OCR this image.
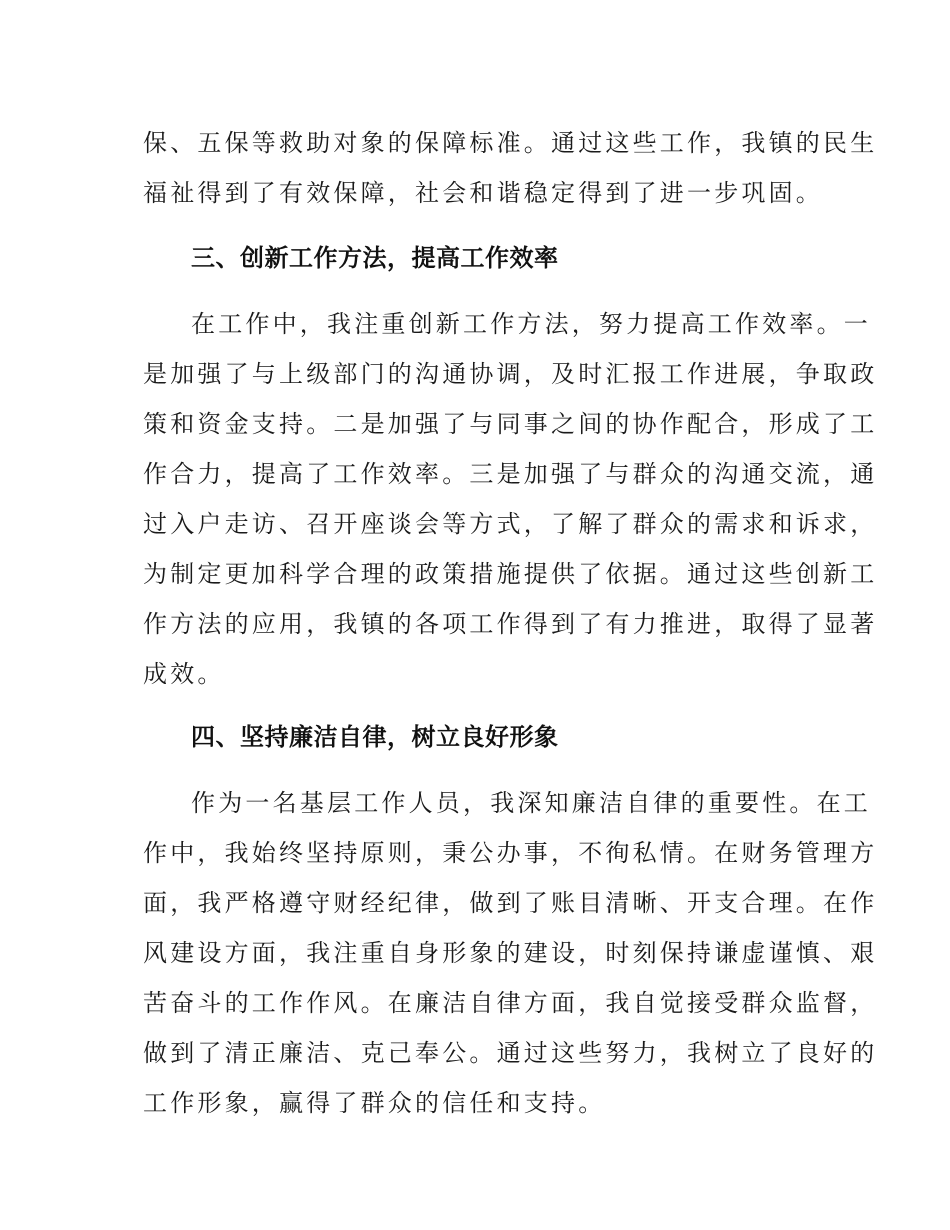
保、五保等救助对象的保障标准。通过这些工作，我镇的民生
福祉得到了有效保障，社会和谐稳定得到了进一步巩固。
三、创新工作方法，提高工作效率
在工作中，我注重创新工作方法，努力提高工作效率。一
是加强了与上级部门的沟通协调，及时汇报工作进展，争取政
策和资金支持。二是加强了与同事之间的协作配合，形成了工
作合力，提高了工作效率。三是加强了与群众的沟通交流，通
过入户走访、召开座谈会等方式，了解了群众的需求和诉求，
为制定更加科学合理的政策措施提供了依据。通过这些创新工
作方法的应用，我镇的各项工作得到了有力推进，取得了显著
成效。
四、坚持廉洁自律，树立良好形象
作为一名基层工作人员，我深知廉洁自律的重要性。在工
作中，我始终坚持原则，秉公办事，不徇私情。在财务管理方
面，我严格遵守财经纪律，做到了账目清晰、开支合理。在作
风建设方面，我注重自身形象的建设，时刻保持谦虚谨慎、艰
苦奋斗的工作作风。在廉洁自律方面，我自觉接受群众监督，
做到了清正廉洁、克己奉公。通过这些努力，我树立了良好的
工作形象，赢得了群众的信任和支持。
